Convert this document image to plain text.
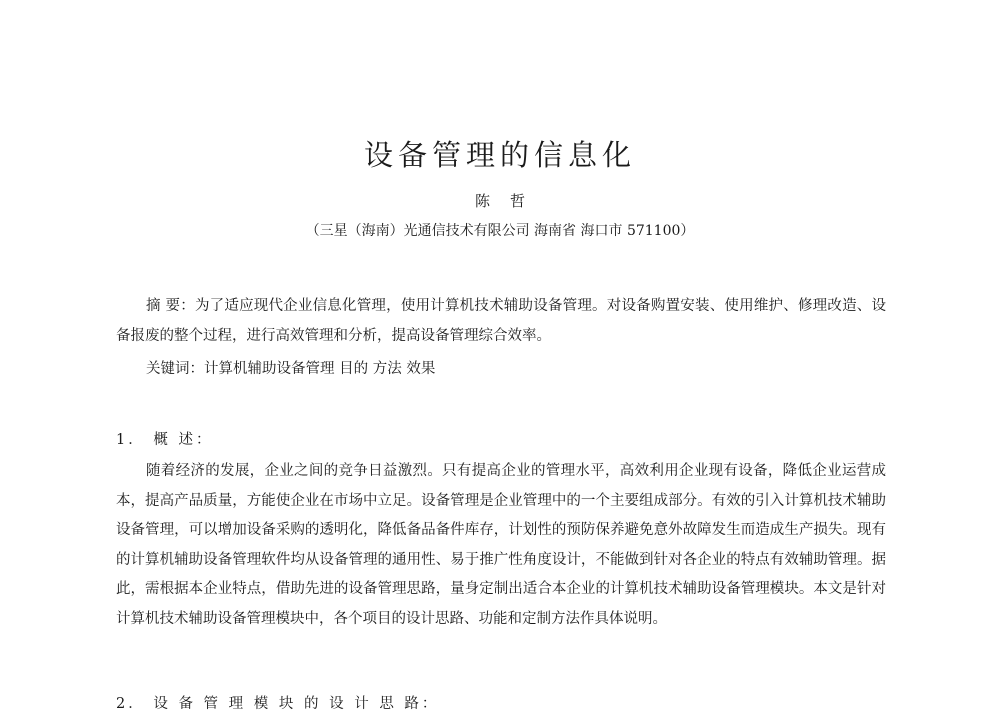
设备管理的信息化
陈哲
（三星（海南）光通信技术有限公司 海南省 海口市 571100）

摘 要：为了适应现代企业信息化管理，使用计算机技术辅助设备管理。对设备购置安装、使用维护、修理改造、设备报废的整个过程，进行高效管理和分析，提高设备管理综合效率。

关键词：计算机辅助设备管理 目的 方法 效果

1． 概 述：

随着经济的发展，企业之间的竞争日益激烈。只有提高企业的管理水平，高效利用企业现有设备，降低企业运营成本，提高产品质量，方能使企业在市场中立足。设备管理是企业管理中的一个主要组成部分。有效的引入计算机技术辅助设备管理，可以增加设备采购的透明化，降低备品备件库存，计划性的预防保养避免意外故障发生而造成生产损失。现有的计算机辅助设备管理软件均从设备管理的通用性、易于推广性角度设计，不能做到针对各企业的特点有效辅助管理。据此，需根据本企业特点，借助先进的设备管理思路，量身定制出适合本企业的计算机技术辅助设备管理模块。本文是针对计算机技术辅助设备管理模块中，各个项目的设计思路、功能和定制方法作具体说明。

2． 设 备 管 理 模 块 的 设 计 思 路：
